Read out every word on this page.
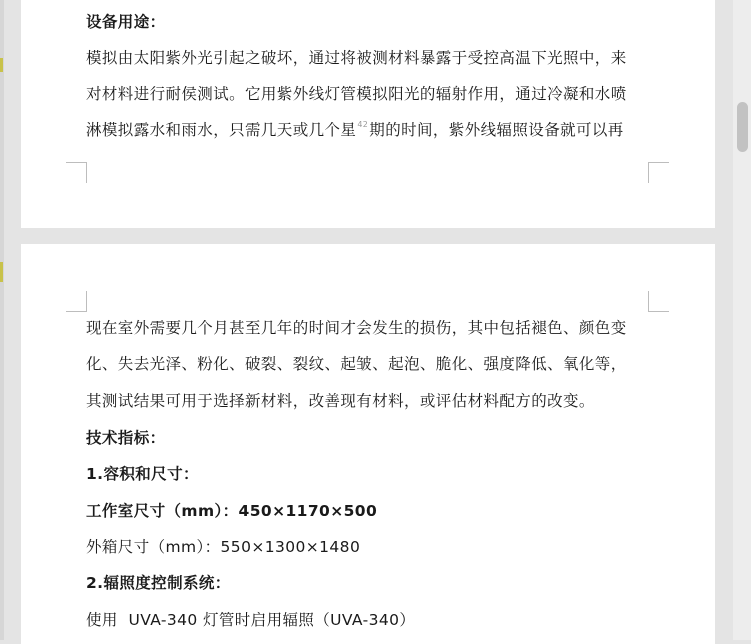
设备用途：
模拟由太阳紫外光引起之破坏，通过将被测材料暴露于受控高温下光照中，来
对材料进行耐侯测试。它用紫外线灯管模拟阳光的辐射作用，通过冷凝和水喷
淋模拟露水和雨水，只需几天或几个星$^{42}$期的时间，紫外线辐照设备就可以再
现在室外需要几个月甚至几年的时间才会发生的损伤，其中包括褪色、颜色变
化、失去光泽、粉化、破裂、裂纹、起皱、起泡、脆化、强度降低、氧化等，
其测试结果可用于选择新材料，改善现有材料，或评估材料配方的改变。
技术指标：
1.容积和尺寸：
工作室尺寸（mm）：450×1170×500
外箱尺寸（mm）：550×1300×1480
2.辐照度控制系统：
使用  UVA-340 灯管时启用辐照（UVA-340）
